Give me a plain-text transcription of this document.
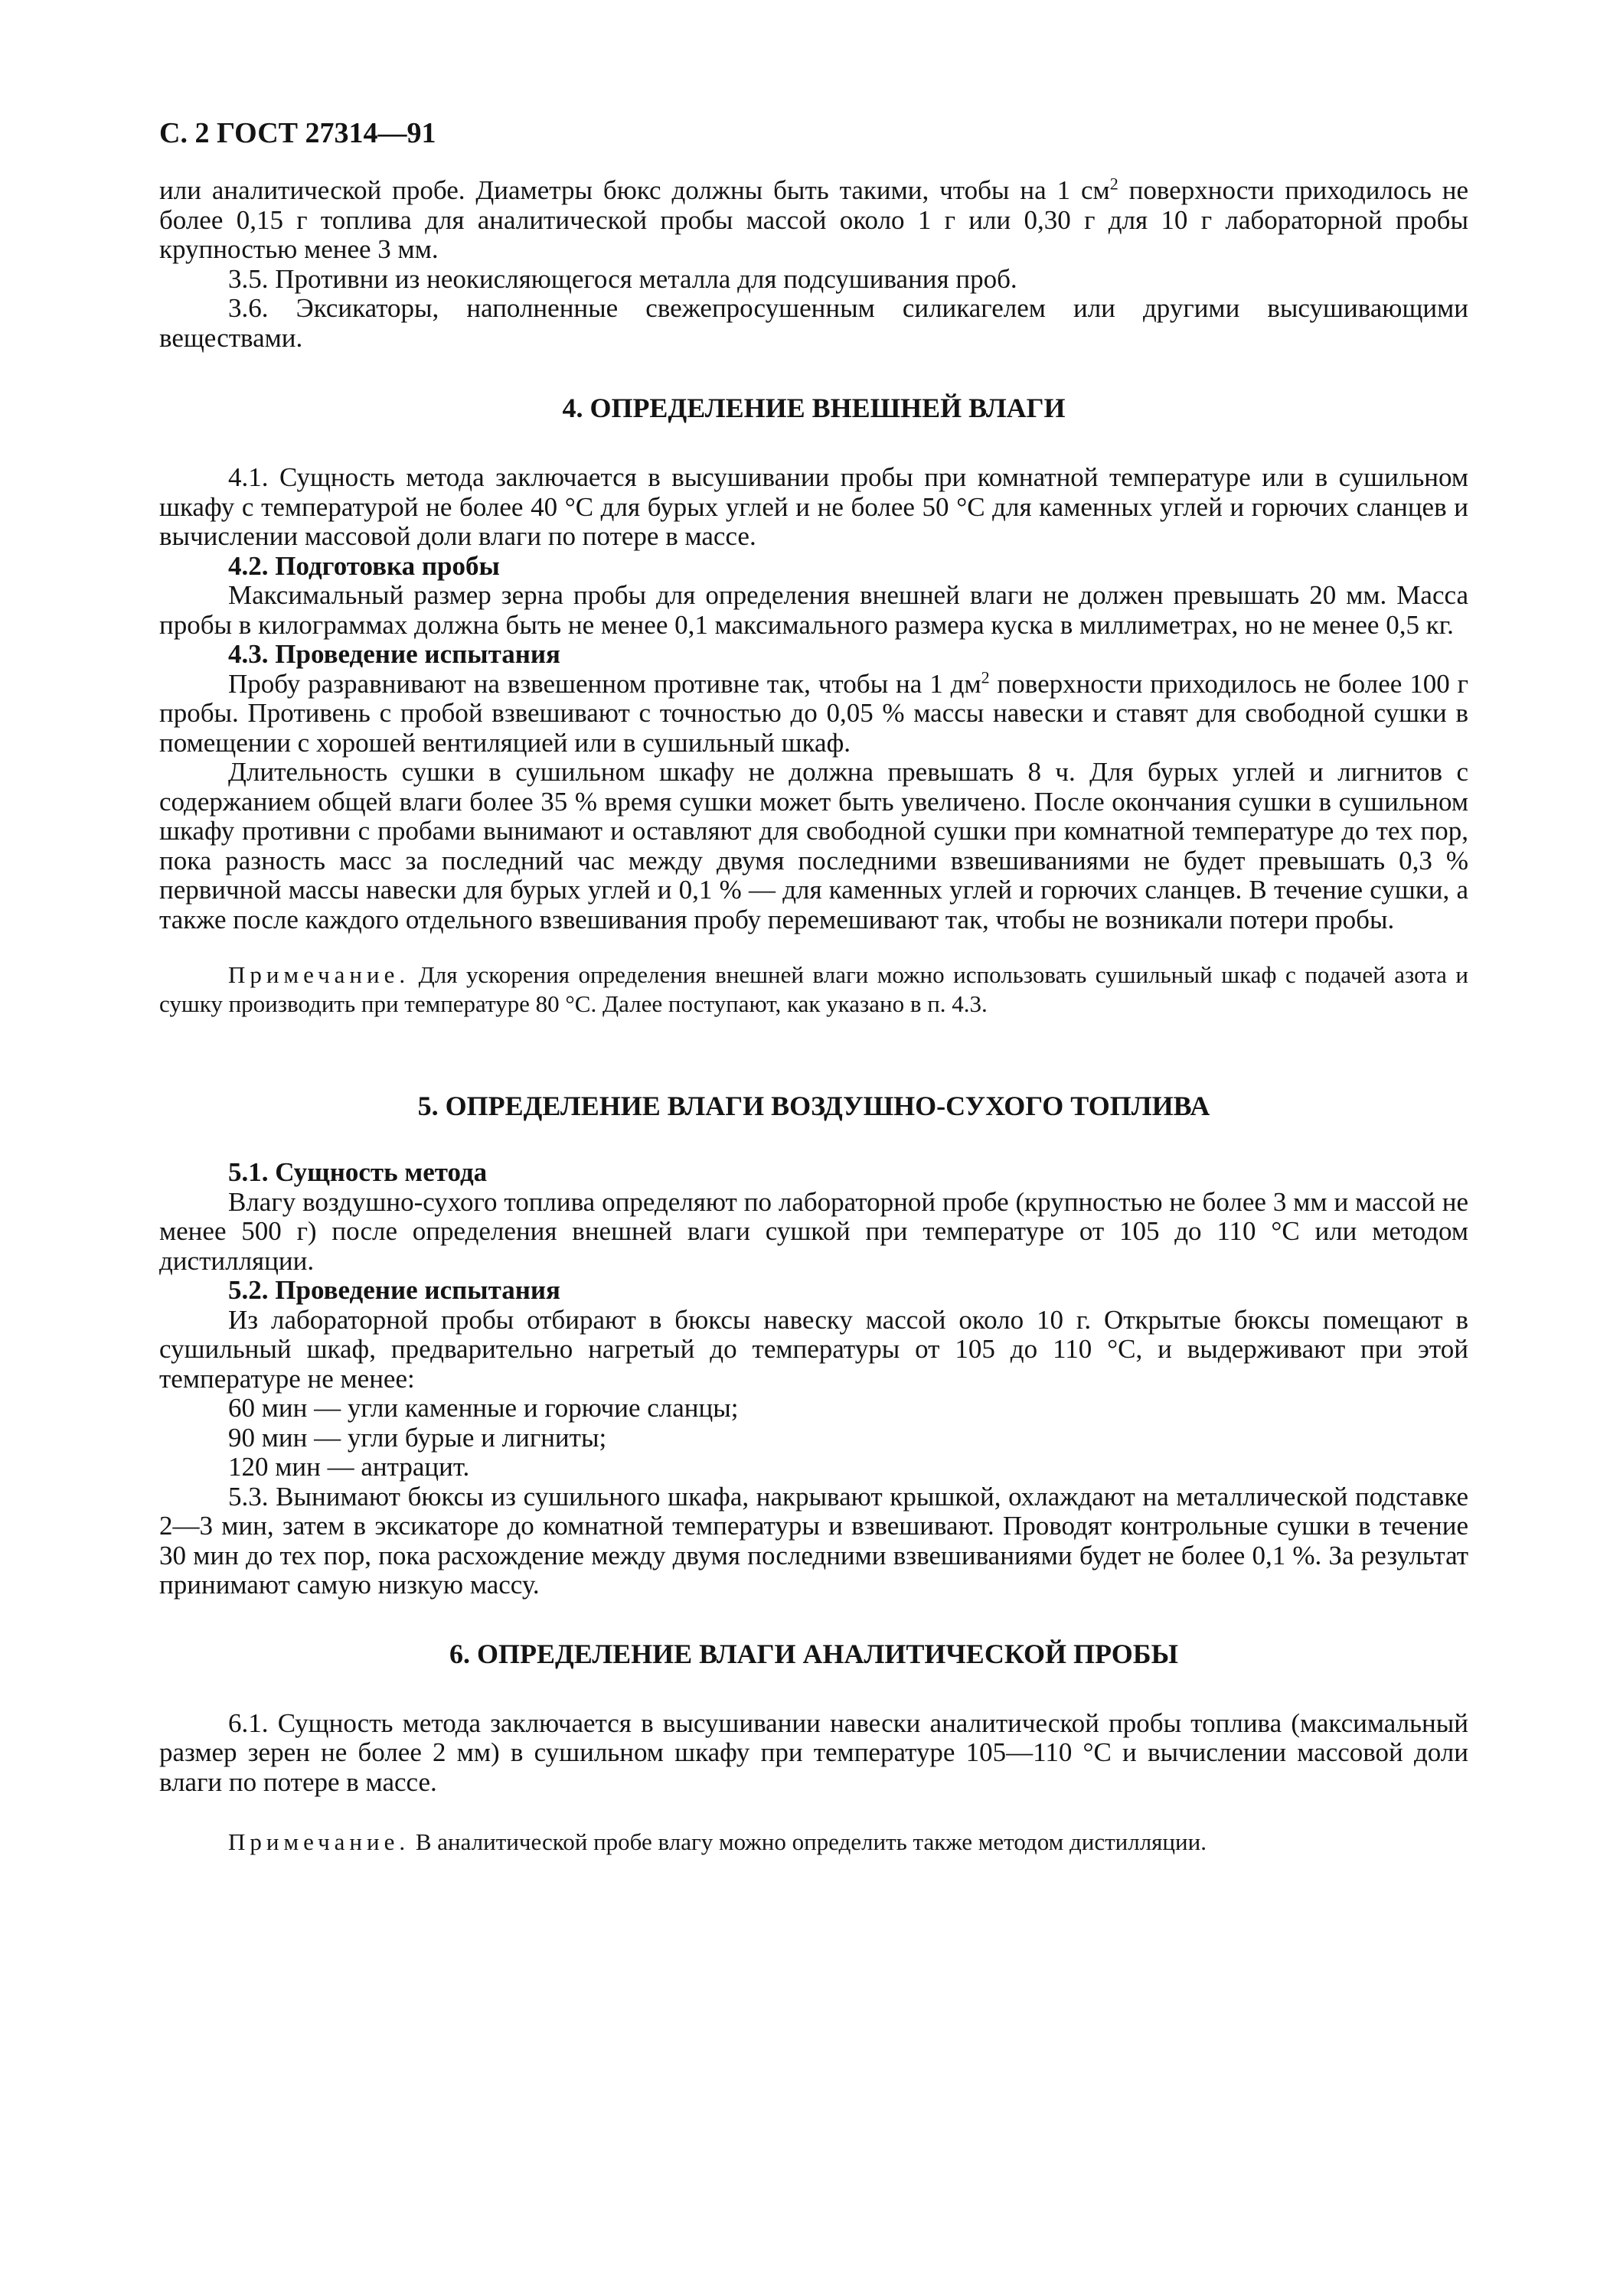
С. 2 ГОСТ 27314—91

или аналитической пробе. Диаметры бюкс должны быть такими, чтобы на 1 $см^2$ поверхности приходилось не более 0,15 г топлива для аналитической пробы массой около 1 г или 0,30 г для 10 г лабораторной пробы крупностью менее 3 мм.

3.5. Противни из неокисляющегося металла для подсушивания проб.

3.6. Эксикаторы, наполненные свежепросушенным силикагелем или другими высушивающими веществами.

4. ОПРЕДЕЛЕНИЕ ВНЕШНЕЙ ВЛАГИ

4.1. Сущность метода заключается в высушивании пробы при комнатной температуре или в сушильном шкафу с температурой не более 40 °С для бурых углей и не более 50 °С для каменных углей и горючих сланцев и вычислении массовой доли влаги по потере в массе.

4.2. Подготовка пробы

Максимальный размер зерна пробы для определения внешней влаги не должен превышать 20 мм. Масса пробы в килограммах должна быть не менее 0,1 максимального размера куска в миллиметрах, но не менее 0,5 кг.

4.3. Проведение испытания

Пробу разравнивают на взвешенном противне так, чтобы на 1 $дм^2$ поверхности приходилось не более 100 г пробы. Противень с пробой взвешивают с точностью до 0,05 % массы навески и ставят для свободной сушки в помещении с хорошей вентиляцией или в сушильный шкаф.

Длительность сушки в сушильном шкафу не должна превышать 8 ч. Для бурых углей и лигнитов с содержанием общей влаги более 35 % время сушки может быть увеличено. После окончания сушки в сушильном шкафу противни с пробами вынимают и оставляют для свободной сушки при комнатной температуре до тех пор, пока разность масс за последний час между двумя последними взвешиваниями не будет превышать 0,3 % первичной массы навески для бурых углей и 0,1 % — для каменных углей и горючих сланцев. В течение сушки, а также после каждого отдельного взвешивания пробу перемешивают так, чтобы не возникали потери пробы.

Примечание. Для ускорения определения внешней влаги можно использовать сушильный шкаф с подачей азота и сушку производить при температуре 80 °С. Далее поступают, как указано в п. 4.3.

5. ОПРЕДЕЛЕНИЕ ВЛАГИ ВОЗДУШНО-СУХОГО ТОПЛИВА

5.1. Сущность метода

Влагу воздушно-сухого топлива определяют по лабораторной пробе (крупностью не более 3 мм и массой не менее 500 г) после определения внешней влаги сушкой при температуре от 105 до 110 °С или методом дистилляции.

5.2. Проведение испытания

Из лабораторной пробы отбирают в бюксы навеску массой около 10 г. Открытые бюксы помещают в сушильный шкаф, предварительно нагретый до температуры от 105 до 110 °С, и выдерживают при этой температуре не менее:

60 мин — угли каменные и горючие сланцы;

90 мин — угли бурые и лигниты;

120 мин — антрацит.

5.3. Вынимают бюксы из сушильного шкафа, накрывают крышкой, охлаждают на металлической подставке 2—3 мин, затем в эксикаторе до комнатной температуры и взвешивают. Проводят контрольные сушки в течение 30 мин до тех пор, пока расхождение между двумя последними взвешиваниями будет не более 0,1 %. За результат принимают самую низкую массу.

6. ОПРЕДЕЛЕНИЕ ВЛАГИ АНАЛИТИЧЕСКОЙ ПРОБЫ

6.1. Сущность метода заключается в высушивании навески аналитической пробы топлива (максимальный размер зерен не более 2 мм) в сушильном шкафу при температуре 105—110 °С и вычислении массовой доли влаги по потере в массе.

Примечание. В аналитической пробе влагу можно определить также методом дистилляции.
